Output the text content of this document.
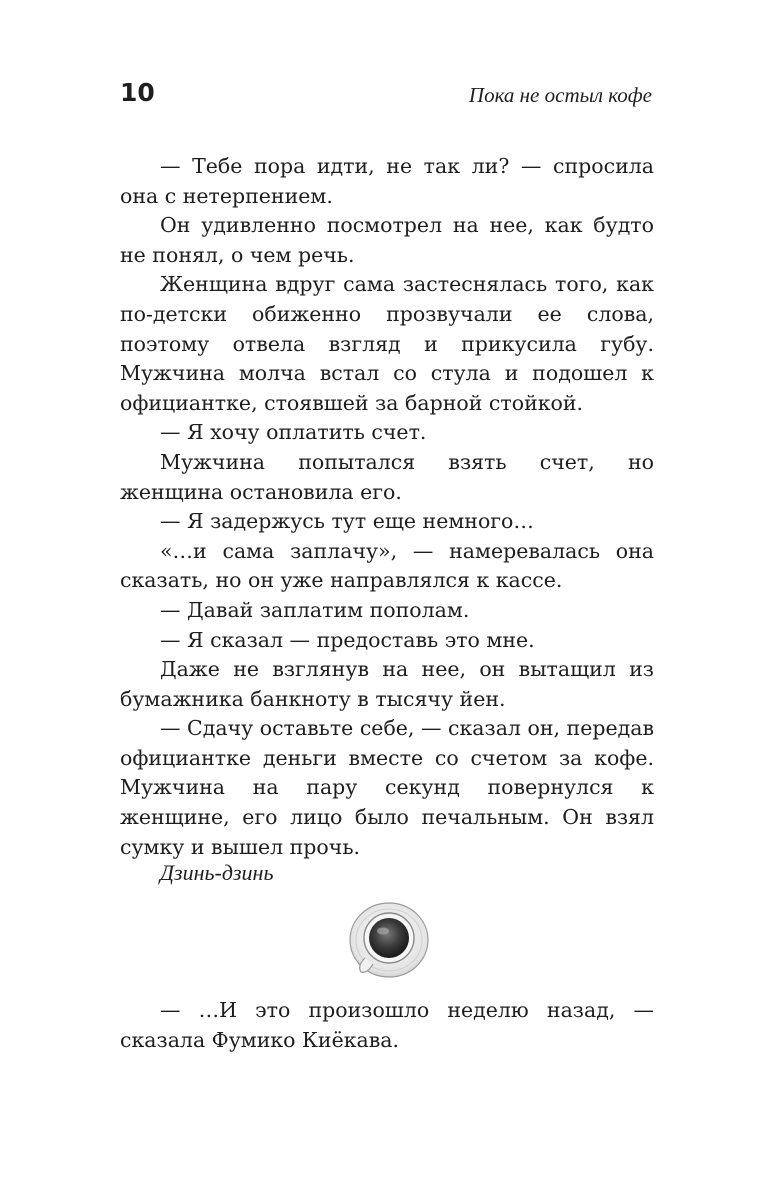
10	Пока не остыл кофе

— Тебе пора идти, не так ли? — спросила она с нетерпением.

Он удивленно посмотрел на нее, как будто не понял, о чем речь.

Женщина вдруг сама застеснялась того, как по-детски обиженно прозвучали ее слова, поэтому отвела взгляд и прикусила губу. Мужчина молча встал со стула и подошел к официантке, стоявшей за барной стойкой.

— Я хочу оплатить счет.

Мужчина попытался взять счет, но женщина остановила его.

— Я задержусь тут еще немного…

«…и сама заплачу», — намеревалась она сказать, но он уже направлялся к кассе.

— Давай заплатим пополам.

— Я сказал — предоставь это мне.

Даже не взглянув на нее, он вытащил из бумажника банкноту в тысячу йен.

— Сдачу оставьте себе, — сказал он, передав официантке деньги вместе со счетом за кофе. Мужчина на пару секунд повернулся к женщине, его лицо было печальным. Он взял сумку и вышел прочь.

Дзинь-дзинь

— …И это произошло неделю назад, — сказала Фумико Киёкава.
